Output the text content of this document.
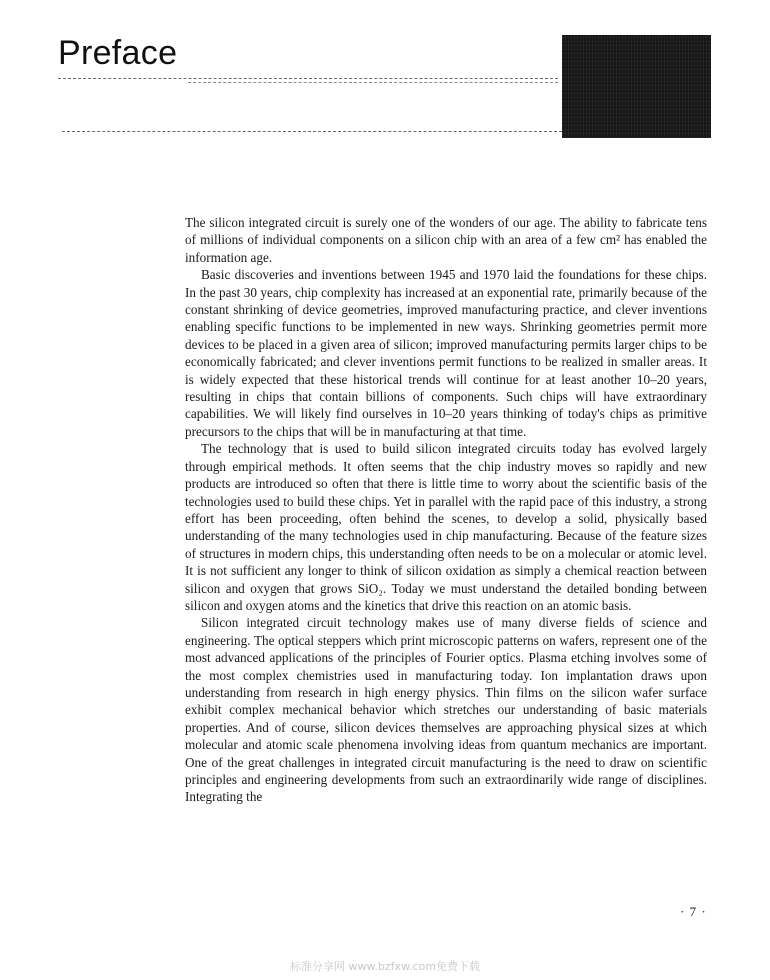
Preface

The silicon integrated circuit is surely one of the wonders of our age. The ability to fabricate tens of millions of individual components on a silicon chip with an area of a few cm² has enabled the information age.

Basic discoveries and inventions between 1945 and 1970 laid the foundations for these chips. In the past 30 years, chip complexity has increased at an exponential rate, primarily because of the constant shrinking of device geometries, improved manufacturing practice, and clever inventions enabling specific functions to be implemented in new ways. Shrinking geometries permit more devices to be placed in a given area of silicon; improved manufacturing permits larger chips to be economically fabricated; and clever inventions permit functions to be realized in smaller areas. It is widely expected that these historical trends will continue for at least another 10–20 years, resulting in chips that contain billions of components. Such chips will have extraordinary capabilities. We will likely find ourselves in 10–20 years thinking of today's chips as primitive precursors to the chips that will be in manufacturing at that time.

The technology that is used to build silicon integrated circuits today has evolved largely through empirical methods. It often seems that the chip industry moves so rapidly and new products are introduced so often that there is little time to worry about the scientific basis of the technologies used to build these chips. Yet in parallel with the rapid pace of this industry, a strong effort has been proceeding, often behind the scenes, to develop a solid, physically based understanding of the many technologies used in chip manufacturing. Because of the feature sizes of structures in modern chips, this understanding often needs to be on a molecular or atomic level. It is not sufficient any longer to think of silicon oxidation as simply a chemical reaction between silicon and oxygen that grows SiO₂. Today we must understand the detailed bonding between silicon and oxygen atoms and the kinetics that drive this reaction on an atomic basis.

Silicon integrated circuit technology makes use of many diverse fields of science and engineering. The optical steppers which print microscopic patterns on wafers, represent one of the most advanced applications of the principles of Fourier optics. Plasma etching involves some of the most complex chemistries used in manufacturing today. Ion implantation draws upon understanding from research in high energy physics. Thin films on the silicon wafer surface exhibit complex mechanical behavior which stretches our understanding of basic materials properties. And of course, silicon devices themselves are approaching physical sizes at which molecular and atomic scale phenomena involving ideas from quantum mechanics are important. One of the great challenges in integrated circuit manufacturing is the need to draw on scientific principles and engineering developments from such an extraordinarily wide range of disciplines. Integrating the

· 7 ·
标准分享网 www.bzfxw.com免费下载
